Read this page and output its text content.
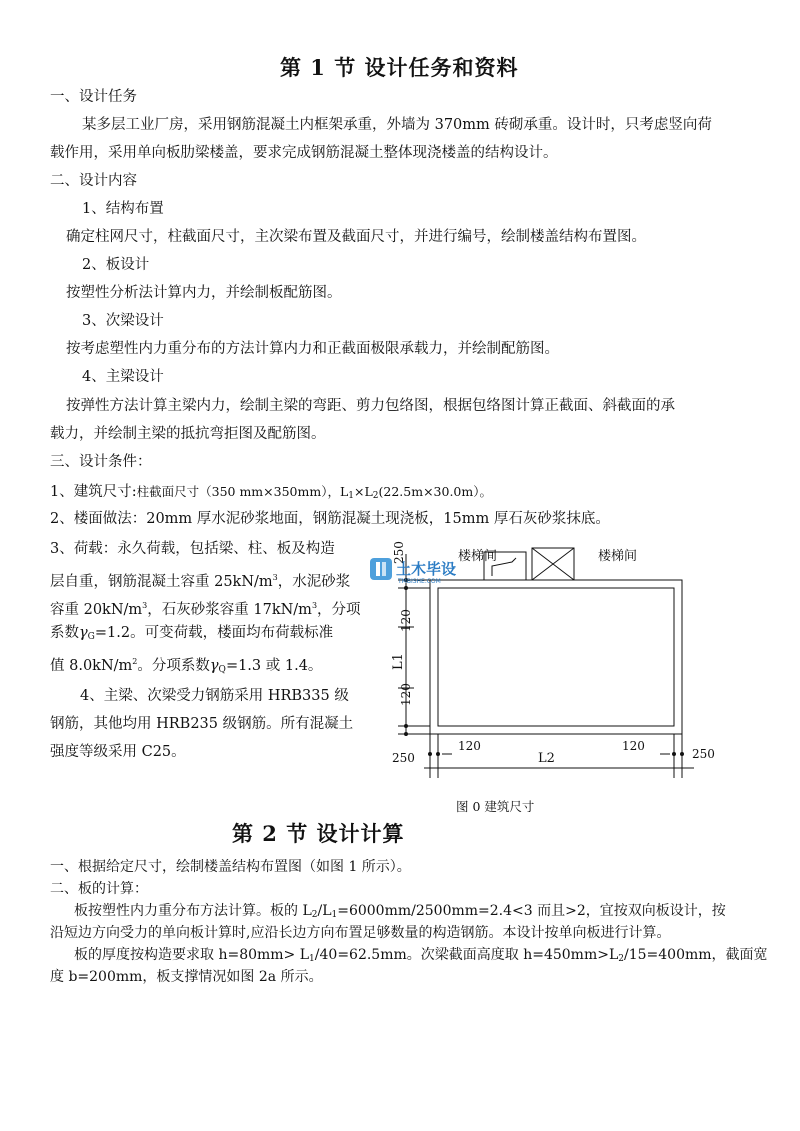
第 1 节 设计任务和资料
一、设计任务
某多层工业厂房，采用钢筋混凝土内框架承重，外墙为 370mm 砖砌承重。设计时，只考虑竖向荷
载作用，采用单向板肋梁楼盖，要求完成钢筋混凝土整体现浇楼盖的结构设计。
二、设计内容
1、结构布置
确定柱网尺寸，柱截面尺寸，主次梁布置及截面尺寸，并进行编号，绘制楼盖结构布置图。
2、板设计
按塑性分析法计算内力，并绘制板配筋图。
3、次梁设计
按考虑塑性内力重分布的方法计算内力和正截面极限承载力，并绘制配筋图。
4、主梁设计
按弹性方法计算主梁内力，绘制主梁的弯距、剪力包络图，根据包络图计算正截面、斜截面的承
载力，并绘制主梁的抵抗弯拒图及配筋图。
三、设计条件：
1、建筑尺寸:柱截面尺寸（350 mm×350mm），$L_1\times L_2(22.5m\times 30.0m)$。
2、楼面做法：20mm 厚水泥砂浆地面，钢筋混凝土现浇板，15mm 厚石灰砂浆抹底。
3、荷载：永久荷载，包括梁、柱、板及构造
层自重，钢筋混凝土容重 $25kN/m^3$，水泥砂浆
容重 $20kN/m^3$，石灰砂浆容重 $17kN/m^3$，分项
系数$\gamma_G=1.2$。可变荷载，楼面均布荷载标准
值 $8.0kN/m^2$。分项系数$\gamma_Q=1.3$ 或 1.4。
4、主梁、次梁受力钢筋采用 HRB335 级
钢筋，其他均用 HRB235 级钢筋。所有混凝土
强度等级采用 C25。
楼梯间	楼梯间
250
120
L1
120
250
120
L2
120
250
图 0 建筑尺寸
土木毕设
TMBISHE.COM
第 2 节 设计计算
一、根据给定尺寸，绘制楼盖结构布置图（如图 1 所示）。
二、板的计算：
板按塑性内力重分布方法计算。板的 $L_2/L_1=6000mm/2500mm=2.4<3$ 而且>2，宜按双向板设计，按
沿短边方向受力的单向板计算时,应沿长边方向布置足够数量的构造钢筋。本设计按单向板进行计算。
板的厚度按构造要求取 $h=80mm> L_1/40=62.5mm$。次梁截面高度取 $h=450mm>L_2/15=400mm$，截面宽
度 b=200mm，板支撑情况如图 2a 所示。
